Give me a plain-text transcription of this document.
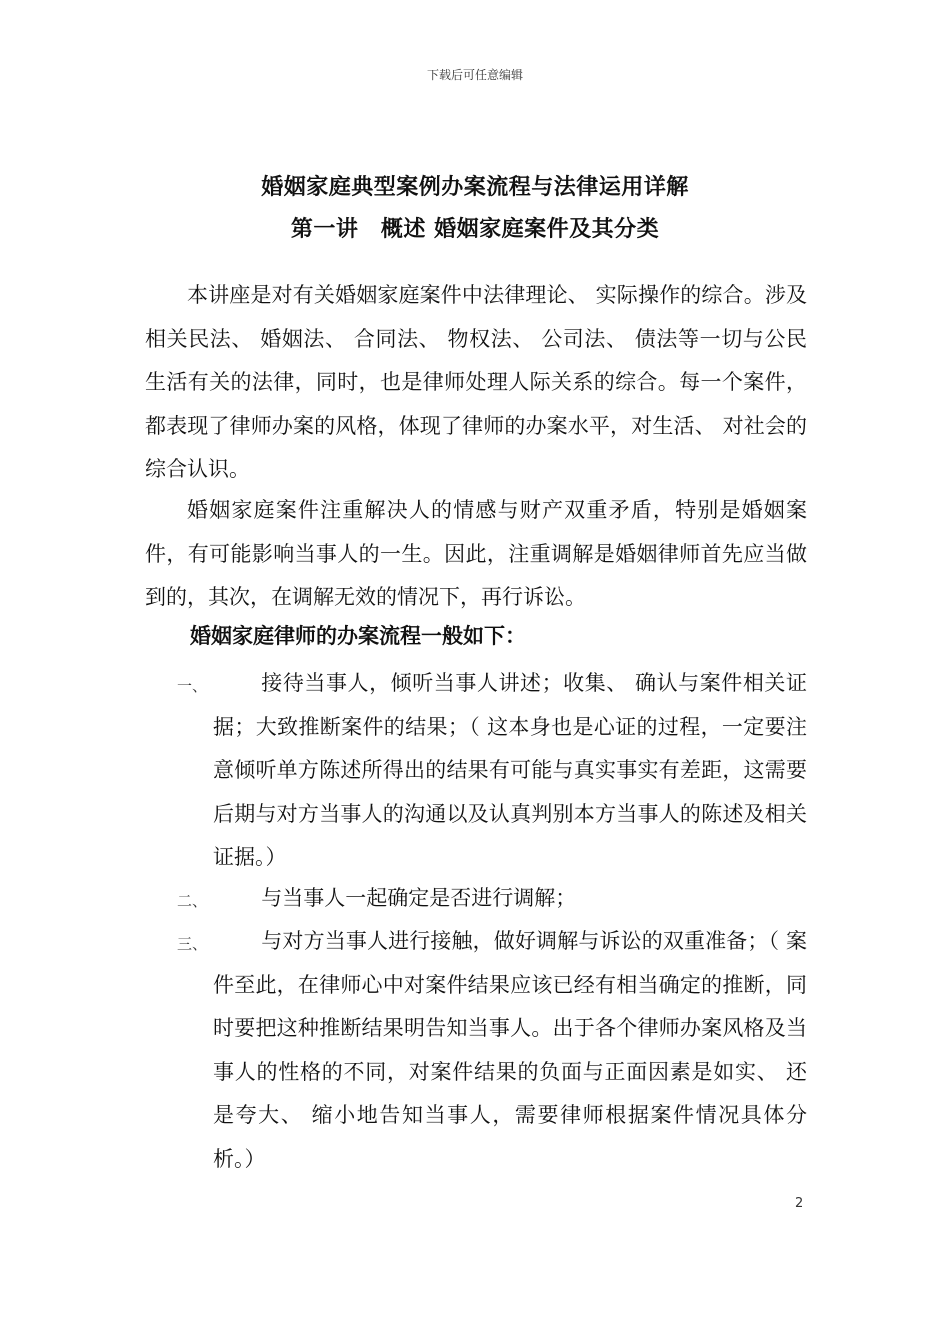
下载后可任意编辑
婚姻家庭典型案例办案流程与法律运用详解
第一讲　概述 婚姻家庭案件及其分类

本讲座是对有关婚姻家庭案件中法律理论、 实际操作的综合。涉及相关民法、 婚姻法、 合同法、 物权法、 公司法、 债法等一切与公民生活有关的法律，同时，也是律师处理人际关系的综合。每一个案件，都表现了律师办案的风格，体现了律师的办案水平，对生活、 对社会的综合认识。

婚姻家庭案件注重解决人的情感与财产双重矛盾，特别是婚姻案件，有可能影响当事人的一生。因此，注重调解是婚姻律师首先应当做到的，其次，在调解无效的情况下，再行诉讼。

婚姻家庭律师的办案流程一般如下：

一、	接待当事人，倾听当事人讲述；收集、 确认与案件相关证据；大致推断案件的结果；（ 这本身也是心证的过程，一定要注意倾听单方陈述所得出的结果有可能与真实事实有差距，这需要后期与对方当事人的沟通以及认真判别本方当事人的陈述及相关证据。）

二、	与当事人一起确定是否进行调解；

三、	与对方当事人进行接触，做好调解与诉讼的双重准备；（ 案件至此，在律师心中对案件结果应该已经有相当确定的推断，同时要把这种推断结果明告知当事人。出于各个律师办案风格及当事人的性格的不同，对案件结果的负面与正面因素是如实、 还是夸大、 缩小地告知当事人，需要律师根据案件情况具体分析。）

2
